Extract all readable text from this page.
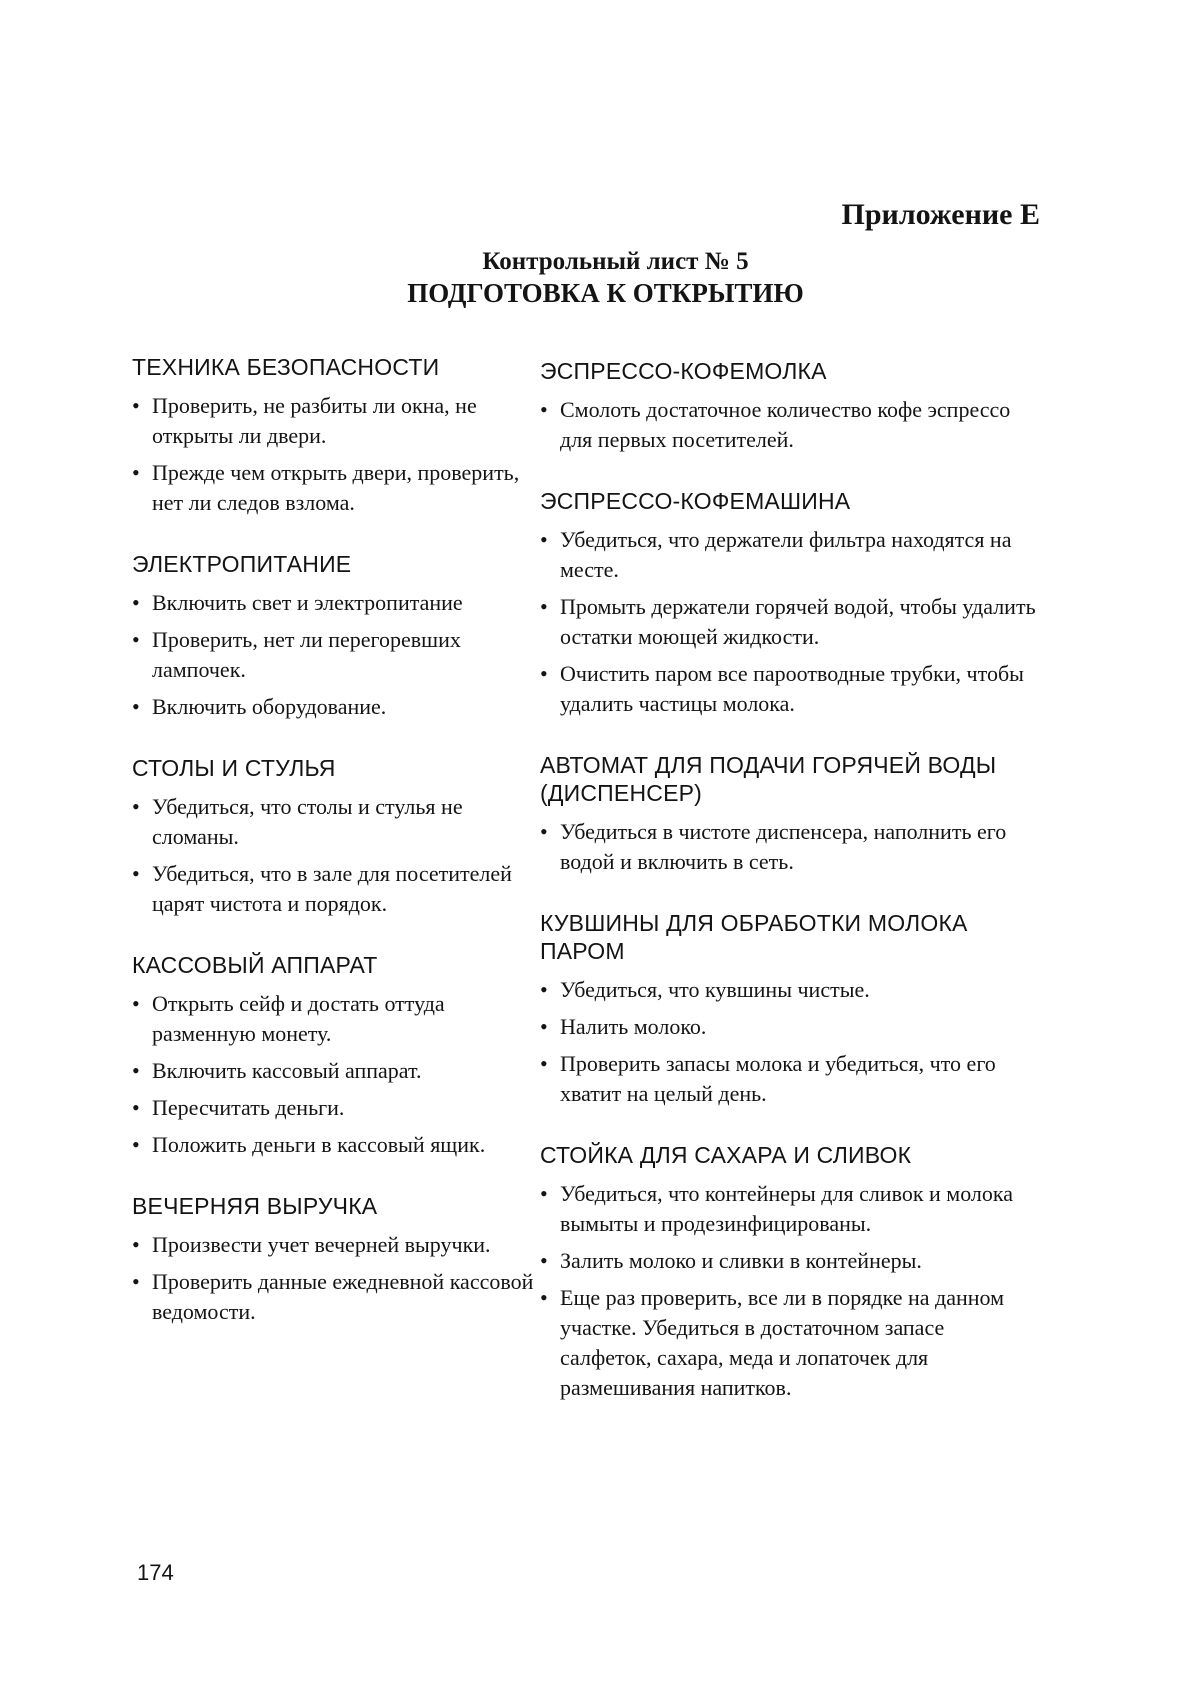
Приложение Е
Контрольный лист № 5
ПОДГОТОВКА К ОТКРЫТИЮ
ТЕХНИКА БЕЗОПАСНОСТИ
• Проверить, не разбиты ли окна, не открыты ли двери.
• Прежде чем открыть двери, проверить, нет ли следов взлома.
ЭЛЕКТРОПИТАНИЕ
• Включить свет и электропитание
• Проверить, нет ли перегоревших лампочек.
• Включить оборудование.
СТОЛЫ И СТУЛЬЯ
• Убедиться, что столы и стулья не сломаны.
• Убедиться, что в зале для посетителей царят чистота и порядок.
КАССОВЫЙ АППАРАТ
• Открыть сейф и достать оттуда разменную монету.
• Включить кассовый аппарат.
• Пересчитать деньги.
• Положить деньги в кассовый ящик.
ВЕЧЕРНЯЯ ВЫРУЧКА
• Произвести учет вечерней выручки.
• Проверить данные ежедневной кассовой ведомости.
ЭСПРЕССО-КОФЕМОЛКА
• Смолоть достаточное количество кофе эспрессо для первых посетителей.
ЭСПРЕССО-КОФЕМАШИНА
• Убедиться, что держатели фильтра находятся на месте.
• Промыть держатели горячей водой, чтобы удалить остатки моющей жидкости.
• Очистить паром все пароотводные трубки, чтобы удалить частицы молока.
АВТОМАТ ДЛЯ ПОДАЧИ ГОРЯЧЕЙ ВОДЫ (ДИСПЕНСЕР)
• Убедиться в чистоте диспенсера, наполнить его водой и включить в сеть.
КУВШИНЫ ДЛЯ ОБРАБОТКИ МОЛОКА ПАРОМ
• Убедиться, что кувшины чистые.
• Налить молоко.
• Проверить запасы молока и убедиться, что его хватит на целый день.
СТОЙКА ДЛЯ САХАРА И СЛИВОК
• Убедиться, что контейнеры для сливок и молока вымыты и продезинфицированы.
• Залить молоко и сливки в контейнеры.
• Еще раз проверить, все ли в порядке на данном участке. Убедиться в достаточном запасе салфеток, сахара, меда и лопаточек для размешивания напитков.
174
